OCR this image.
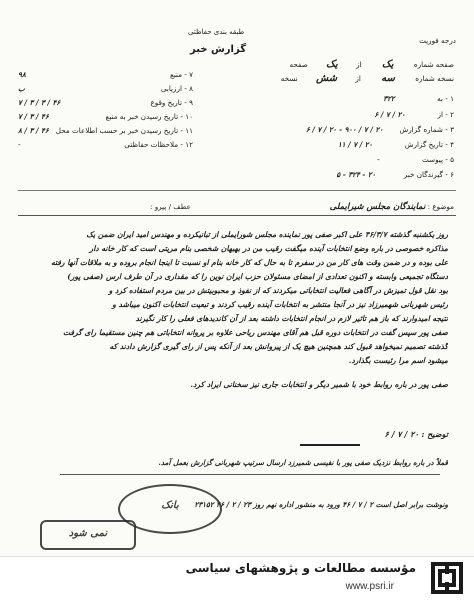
طبقه بندی حفاظتی
گزارش خبر
درجه فوریت
صفحه شماره یک از یک صفحه
نسخه شماره سه از شش نسخه
۱ - به ۳۲۲
۲ - از ۲۰ / ۷ / ۶
۳ - شماره گزارش ۲۰ / ۷ / ۹۰۰ - ۲۰ / ۷ / ۶
۴ - تاریخ گزارش ۲۰ / ۷ / ۱۱
۵ - پیوست -
۶ - گیرندگان خبر ۲۰ - ۳۲۴ - ۵
۷ - منبع
۹۸
۸ - ارزیابی
ب
۹ - تاریخ وقوع
۴۶ / ۳ / ۳ / ۷
۱۰ - تاریخ رسیدن خبر به منبع
۴۶ / ۳ / ۷
۱۱ - تاریخ رسیدن خبر بر حسب اطلاعات محل
۴۶ / ۳ / ۸
۱۲ - ملاحظات حفاظتی
-
موضوع : نمایندگان مجلس شیرایملی
عطف / پیرو :
روز یکشنبه گذشته ۴۶/۳/۷ علی اکبر صفی پور نماینده مجلس شورایملی از تبانیکرده و مهندس امید ایران ضمن یک
مذاکره خصوصی در باره وضع انتخابات آینده میگفت رقیب من در بهبهان شخصی بنام مریتی است که کار خانه دار
علی بوده و در ضمن وقت های کار من در سفرم تا به حال که کار خانه بنام او نسبت تا اینجا انجام بروده و به ملاقات آنها رفته
دستگاه تجمیعی وابسته و اکنون تعدادی از امضای مسئولان حزب ایران نوین را که مقداری در آن طرف ارس (صفی پور)
بود نقل قول تمیزش در آگاهی فعالیت انتخاباتی میکردند که از نفوذ و محبوبیتش در بین مردم استفاده کرد و
رئیس شهربانی شهمیرزاد نیز در آنجا منتشر به انتخابات آینده رقیب کردند و تبعیت انتخابات اکنون میباشد و
نتیجه امیدوارند که باز هم تاثیر لازم در انجام انتخابات داشته بعد از آن کاندیدهای فعلی را کار نگیرند
صفی پور سپس گفت در انتخابات دوره قبل هم آقای مهندس ریاحی علاوه بر پروانه انتخاباتی هم چنین مستقیما رای گرفت
گذشته تصمیم نمیخواهد قبول کند همچنین هیچ یک از پیروانش بعد از آنکه پس از رای گیری گزارش دادند که
میشود اسم مرا رئیست بگذارد.
صفی پور در باره روابط خود با شمیر دیگر و انتخابات جاری نیز سخنانی ایراد کرد.
توضیح : ۲۰ / ۷ / ۶
قملاً در باره روابط نزدیک صفی پور با نفیسی شمیرزد ارسال سرتیپ شهربانی گزارش بعمل آمد.
ونوشت برابر اصل است ۲ / ۷ / ۴۶ ورود به منشور اداره نهم روز ۲۳ / ۲ / ۴۶ ۲۳۱۵۲
بانک
نمی شود
مؤسسه مطالعات و پژوهشهای سیاسی
www.psri.ir
